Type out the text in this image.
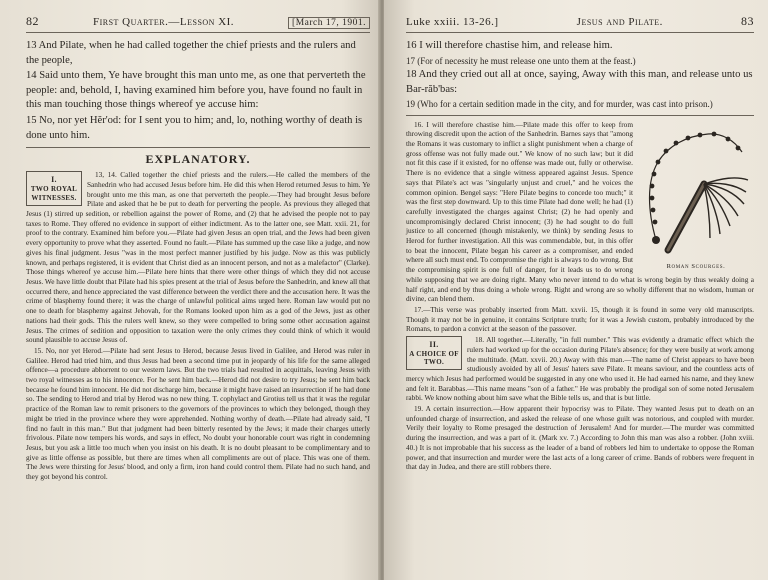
82	First Quarter.—Lesson XI.	[March 17, 1901.

13 And Pilate, when he had called together the chief priests and the rulers and the people,

14 Said unto them, Ye have brought this man unto me, as one that perverteth the people: and, behold, I, having examined him before you, have found no fault in this man touching those things whereof ye accuse him:

15 No, nor yet Hĕr'od: for I sent you to him; and, lo, nothing worthy of death is done unto him.

EXPLANATORY.
I.
TWO ROYAL WITNESSES.

13, 14. Called together the chief priests and the rulers.—He called the members of the Sanhedrin who had accused Jesus before him. He did this when Herod returned Jesus to him. Ye brought unto me this man, as one that perverteth the people.—They had brought Jesus before Pilate and asked that he be put to death for perverting the people. As previous they alleged that Jesus (1) stirred up sedition, or rebellion against the power of Rome, and (2) that he advised the people not to pay taxes to Rome. They offered no evidence in support of either indictment. As to the latter one, see Matt. xxii. 21, for proof to the contrary. Examined him before you.—Pilate had given Jesus an open trial, and the Jews had been given every opportunity to prove what they asserted. Found no fault.—Pilate has summed up the case like a judge, and now gives his final judgment. Jesus "was in the most perfect manner justified by his judge. Now as this was publicly known, and perhaps registered, it is evident that Christ died as an innocent person, and not as a malefactor" (Clarke). Those things whereof ye accuse him.—Pilate here hints that there were other things of which they did not accuse Jesus. We have little doubt that Pilate had his spies present at the trial of Jesus before the Sanhedrin, and knew all that occurred there, and hence appreciated the vast difference between the verdict there and the accusation here. It was the crime of blasphemy found there; it was the charge of unlawful political aims urged here. Roman law would put no one to death for blasphemy against Jehovah, for the Romans looked upon him as a god of the Jews, just as other nations had their gods. This the rulers well knew, so they were compelled to bring some other accusation against Jesus. The crimes of sedition and opposition to taxation were the only crimes they could think of which it would sound plausible to accuse Jesus of.

15. No, nor yet Herod.—Pilate had sent Jesus to Herod, because Jesus lived in Galilee, and Herod was ruler in Galilee. Herod had tried him, and thus Jesus had been a second time put in jeopardy of his life for the same alleged offence—a procedure abhorrent to our western laws. But the two trials had resulted in acquittals, leaving Jesus with two royal witnesses as to his innocence. For he sent him back.—Herod did not desire to try Jesus; he sent him back because he found him innocent. He did not discharge him, because it might have raised an insurrection if he had done so. The sending to Herod and trial by Herod was no new thing. T. cophylact and Grotius tell us that it was the regular practice of the Roman law to remit prisoners to the governors of the provinces to which they belonged, though they might be tried in the province where they were apprehended. Nothing worthy of death.—Pilate had already said, "I find no fault in this man." But that judgment had been bitterly resented by the Jews; it made their charges utterly frivolous. Pilate now tempers his words, and says in effect, No doubt your honorable court was right in condemning Jesus, but you ask a little too much when you insist on his death. It is no doubt pleasant to be complimentary and to give as little offense as possible, but there are times when all compliments are out of place. This was one of them. The Jews were thirsting for Jesus' blood, and only a firm, iron hand could control them. Pilate had no such hand, and they got beyond his control.

Luke xxiii. 13-26.]	Jesus and Pilate.	83

16 I will therefore chastise him, and release him.

17 (For of necessity he must release one unto them at the feast.)

18 And they cried out all at once, saying, Away with this man, and release unto us Bar-răb'bas:

19 (Who for a certain sedition made in the city, and for murder, was cast into prison.)

Roman Scourges.

16. I will therefore chastise him.—Pilate made this offer to keep from throwing discredit upon the action of the Sanhedrin. Barnes says that "among the Romans it was customary to inflict a slight punishment when a charge of gross offense was not fully made out." We know of no such law; but it did not fit this case if it existed, for no offense was made out, fully or otherwise. There is no evidence that a single witness appeared against Jesus. Spence says that Pilate's act was "singularly unjust and cruel," and he voices the common opinion. Bengel says: "Here Pilate begins to concede too much;" it was the first step downward. Up to this time Pilate had done well; he had (1) carefully investigated the charges against Christ; (2) he had openly and uncompromisingly declared Christ innocent; (3) he had sought to do full justice to all concerned (though mistakenly, we think) by sending Jesus to Herod for further investigation. All this was commendable, but, in this offer to beat the innocent, Pilate began his career as a compromiser, and ended where all such must end. To compromise the right is always to do wrong. But the compromising spirit is one full of danger, for it leads us to do wrong while supposing that we are doing right. Many who never intend to do what is wrong begin by thus weakly doing a half right, and end by thus doing a whole wrong. Right and wrong are so wholly different that no wisdom, human or divine, can blend them.

17.—This verse was probably inserted from Matt. xxvii. 15, though it is found in some very old manuscripts. Though it may not be in genuine, it contains Scripture truth; for it was a Jewish custom, probably introduced by the Romans, to pardon a convict at the season of the passover.

II.
A CHOICE OF TWO.

18. All together.—Literally, "in full number." This was evidently a dramatic effect which the rulers had worked up for the occasion during Pilate's absence; for they were busily at work among the multitude. (Matt. xxvii. 20.) Away with this man.—The name of Christ appears to have been studiously avoided by all of Jesus' haters save Pilate. It means saviour, and the countless acts of mercy which Jesus had performed would be suggested in any one who used it. He had earned his name, and they knew and felt it. Barabbas.—This name means "son of a father." He was probably the prodigal son of some noted Jerusalem rabbi. We know nothing about him save what the Bible tells us, and that is but little.

19. A certain insurrection.—How apparent their hypocrisy was to Pilate. They wanted Jesus put to death on an unfounded charge of insurrection, and asked the release of one whose guilt was notorious, and coupled with murder. Verily their loyalty to Rome presaged the destruction of Jerusalem! And for murder.—The murder was committed during the insurrection, and was a part of it. (Mark xv. 7.) According to John this man was also a robber. (John xviii. 40.) It is not improbable that his success as the leader of a band of robbers led him to undertake to oppose the Roman power, and that insurrection and murder were the last acts of a long career of crime. Bands of robbers were frequent in that day in Judea, and there are still robbers there.
